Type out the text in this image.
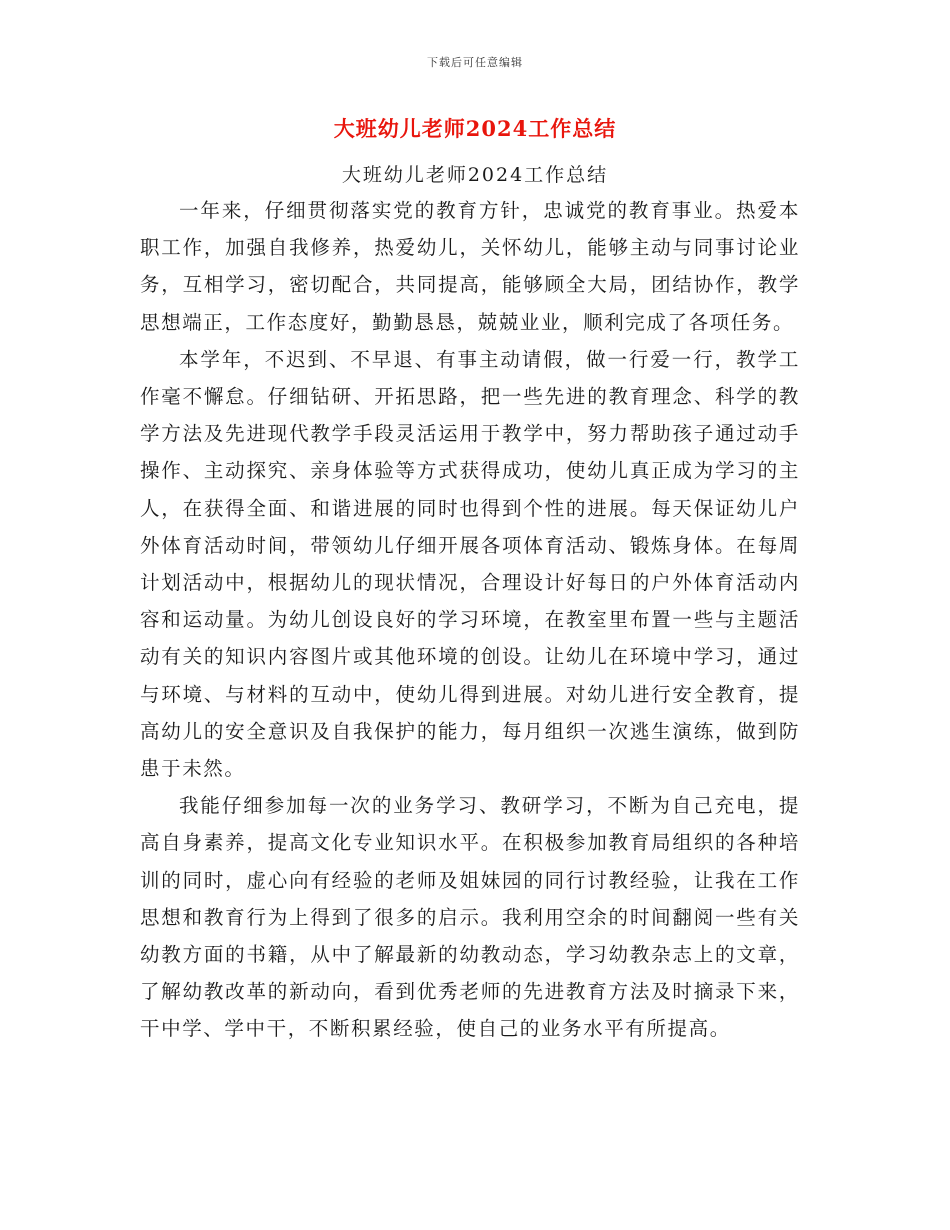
下载后可任意编辑
大班幼儿老师2024工作总结
大班幼儿老师2024工作总结

一年来，仔细贯彻落实党的教育方针，忠诚党的教育事业。热爱本职工作，加强自我修养，热爱幼儿，关怀幼儿，能够主动与同事讨论业务，互相学习，密切配合，共同提高，能够顾全大局，团结协作，教学思想端正，工作态度好，勤勤恳恳，兢兢业业，顺利完成了各项任务。

本学年，不迟到、不早退、有事主动请假，做一行爱一行，教学工作毫不懈怠。仔细钻研、开拓思路，把一些先进的教育理念、科学的教学方法及先进现代教学手段灵活运用于教学中，努力帮助孩子通过动手操作、主动探究、亲身体验等方式获得成功，使幼儿真正成为学习的主人，在获得全面、和谐进展的同时也得到个性的进展。每天保证幼儿户外体育活动时间，带领幼儿仔细开展各项体育活动、锻炼身体。在每周计划活动中，根据幼儿的现状情况，合理设计好每日的户外体育活动内容和运动量。为幼儿创设良好的学习环境，在教室里布置一些与主题活动有关的知识内容图片或其他环境的创设。让幼儿在环境中学习，通过与环境、与材料的互动中，使幼儿得到进展。对幼儿进行安全教育，提高幼儿的安全意识及自我保护的能力，每月组织一次逃生演练，做到防患于未然。

我能仔细参加每一次的业务学习、教研学习，不断为自己充电，提高自身素养，提高文化专业知识水平。在积极参加教育局组织的各种培训的同时，虚心向有经验的老师及姐妹园的同行讨教经验，让我在工作思想和教育行为上得到了很多的启示。我利用空余的时间翻阅一些有关幼教方面的书籍，从中了解最新的幼教动态，学习幼教杂志上的文章，了解幼教改革的新动向，看到优秀老师的先进教育方法及时摘录下来，干中学、学中干，不断积累经验，使自己的业务水平有所提高。
